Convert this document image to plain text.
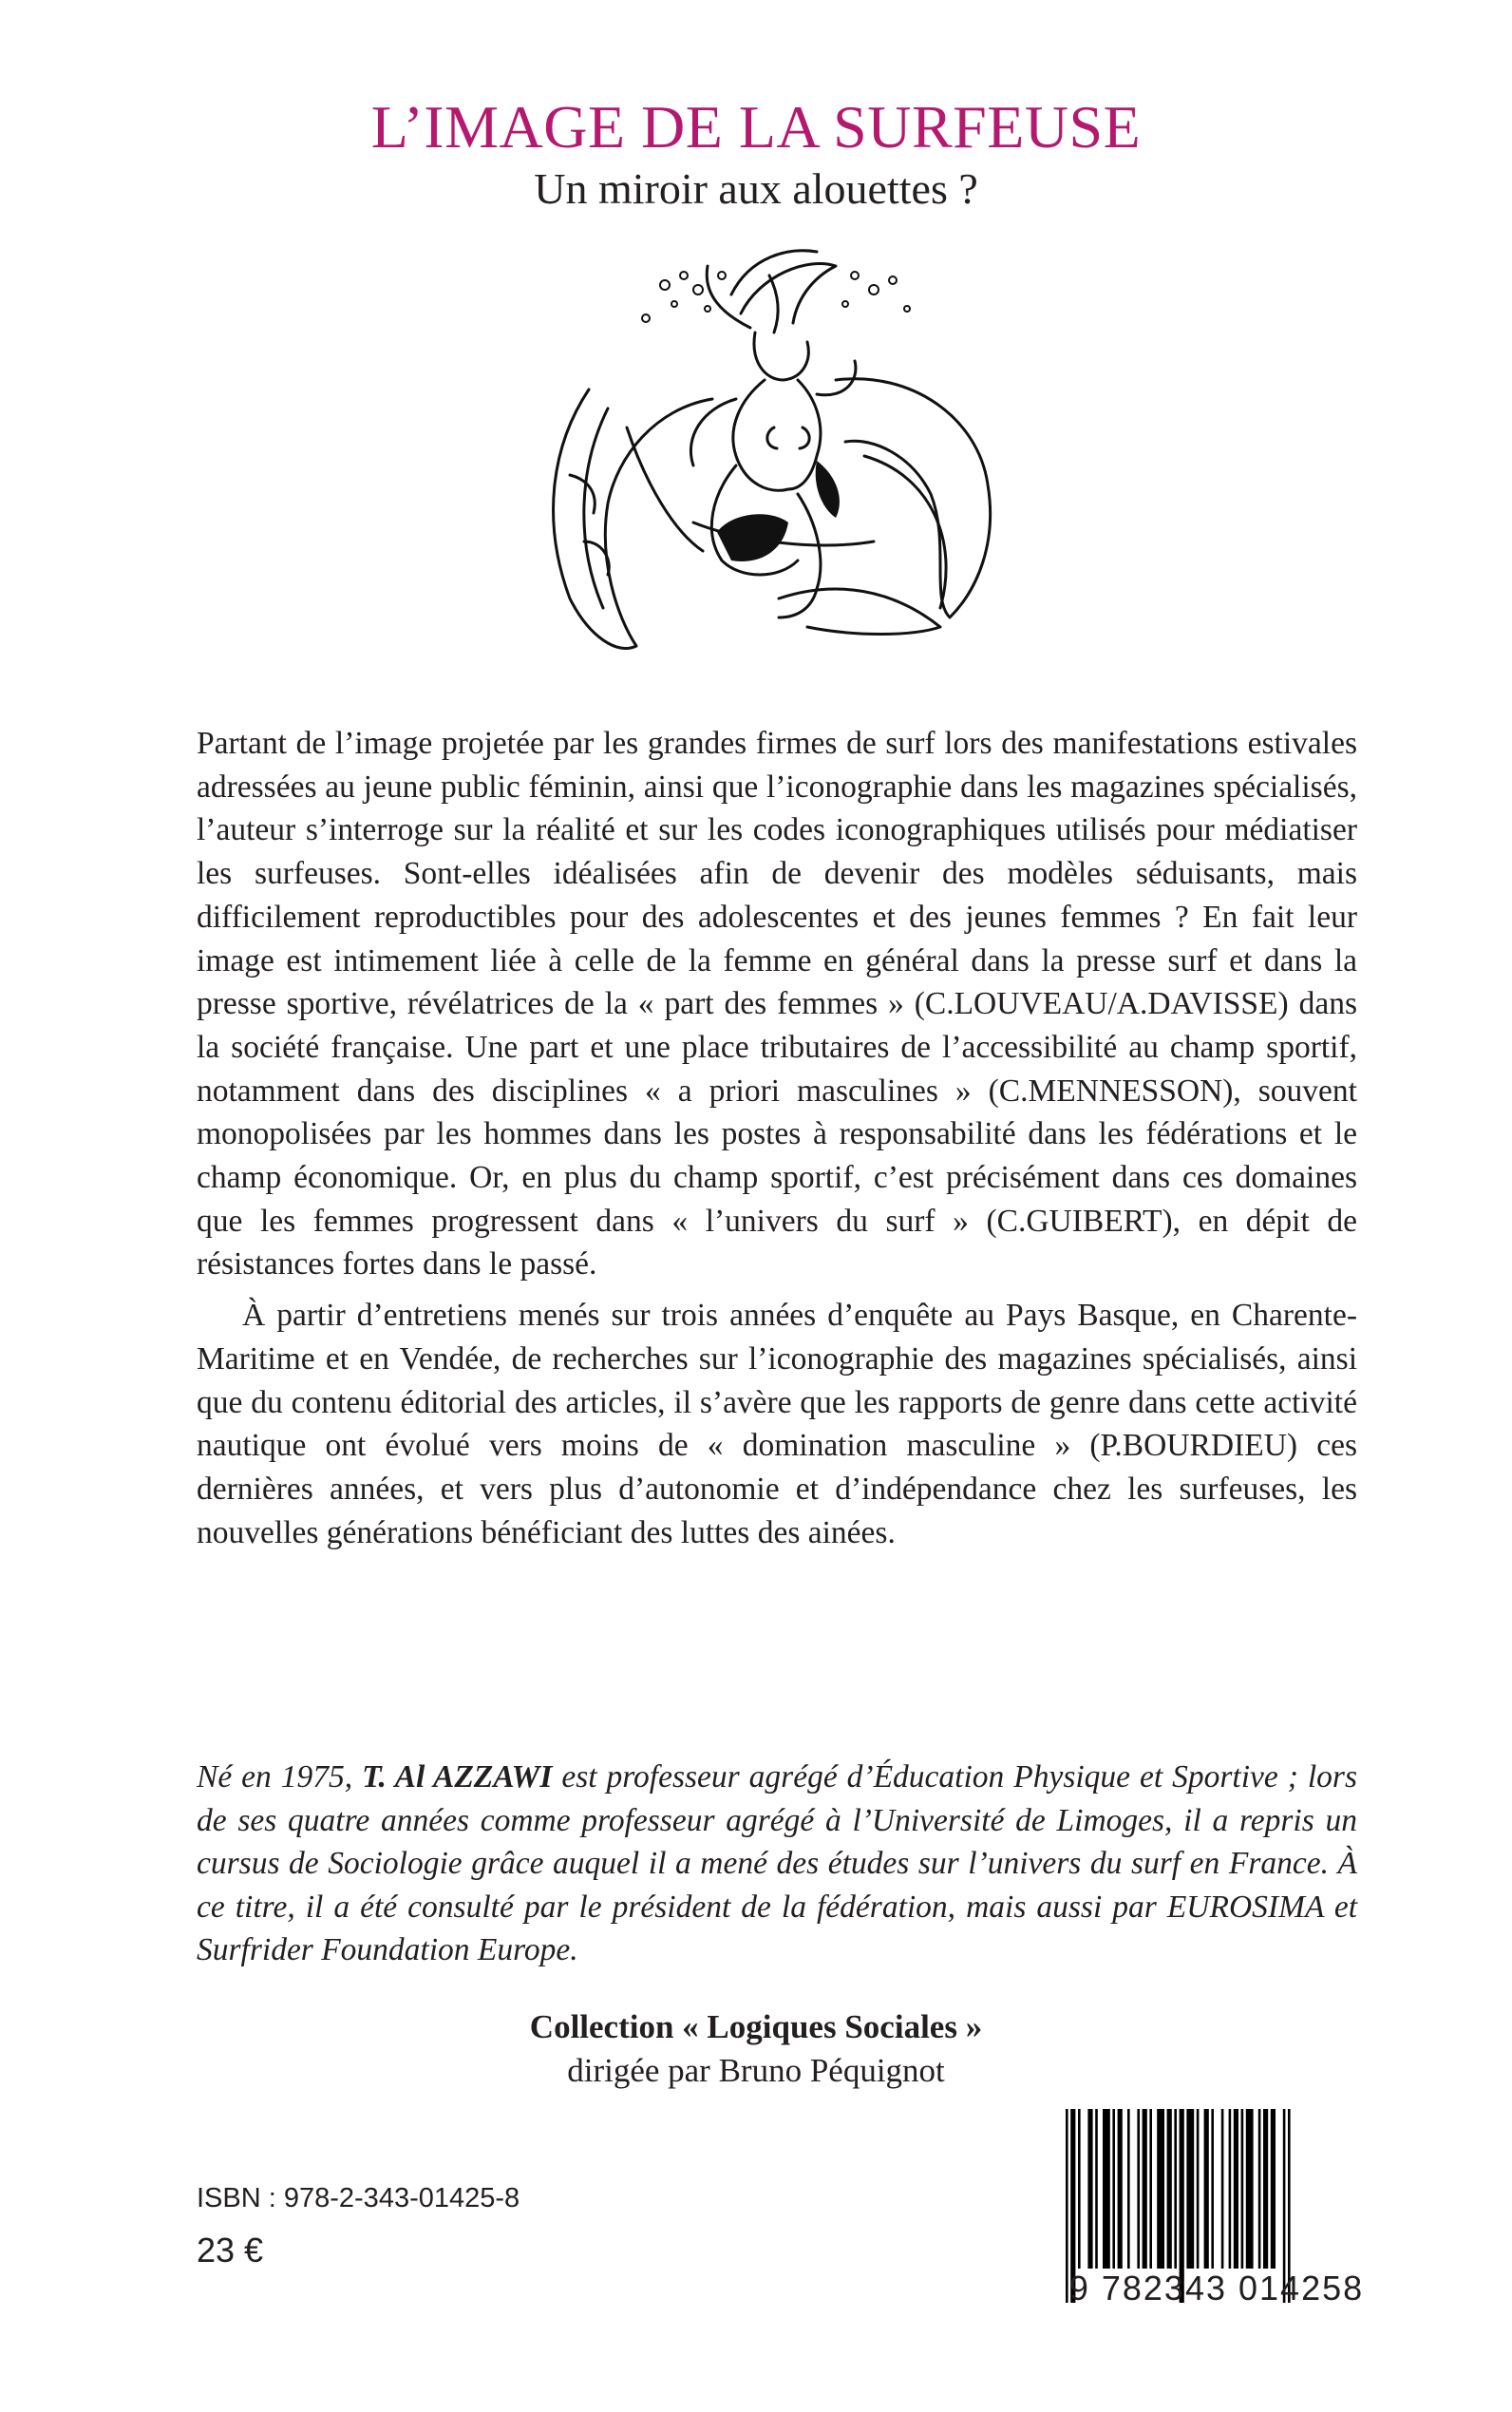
L’IMAGE DE LA SURFEUSE
Un miroir aux alouettes ?

Partant de l’image projetée par les grandes firmes de surf lors des manifestations estivales adressées au jeune public féminin, ainsi que l’iconographie dans les magazines spécialisés, l’auteur s’interroge sur la réalité et sur les codes iconographiques utilisés pour médiatiser les surfeuses. Sont-elles idéalisées afin de devenir des modèles séduisants, mais difficilement reproductibles pour des adolescentes et des jeunes femmes ? En fait leur image est intimement liée à celle de la femme en général dans la presse surf et dans la presse sportive, révélatrices de la « part des femmes » (C.LOUVEAU/A.DAVISSE) dans la société française. Une part et une place tributaires de l’accessibilité au champ sportif, notamment dans des disciplines « a priori masculines » (C.MENNESSON), souvent monopolisées par les hommes dans les postes à responsabilité dans les fédérations et le champ économique. Or, en plus du champ sportif, c’est précisément dans ces domaines que les femmes progressent dans « l’univers du surf » (C.GUIBERT), en dépit de résistances fortes dans le passé.

À partir d’entretiens menés sur trois années d’enquête au Pays Basque, en Charente-Maritime et en Vendée, de recherches sur l’iconographie des magazines spécialisés, ainsi que du contenu éditorial des articles, il s’avère que les rapports de genre dans cette activité nautique ont évolué vers moins de « domination masculine » (P.BOURDIEU) ces dernières années, et vers plus d’autonomie et d’indépendance chez les surfeuses, les nouvelles générations bénéficiant des luttes des ainées.

Né en 1975, T. Al AZZAWI est professeur agrégé d’Éducation Physique et Sportive ; lors de ses quatre années comme professeur agrégé à l’Université de Limoges, il a repris un cursus de Sociologie grâce auquel il a mené des études sur l’univers du surf en France. À ce titre, il a été consulté par le président de la fédération, mais aussi par EUROSIMA et Surfrider Foundation Europe.
Collection « Logiques Sociales »
dirigée par Bruno Péquignot
ISBN : 978-2-343-01425-8
23 €
9 782343 014258
